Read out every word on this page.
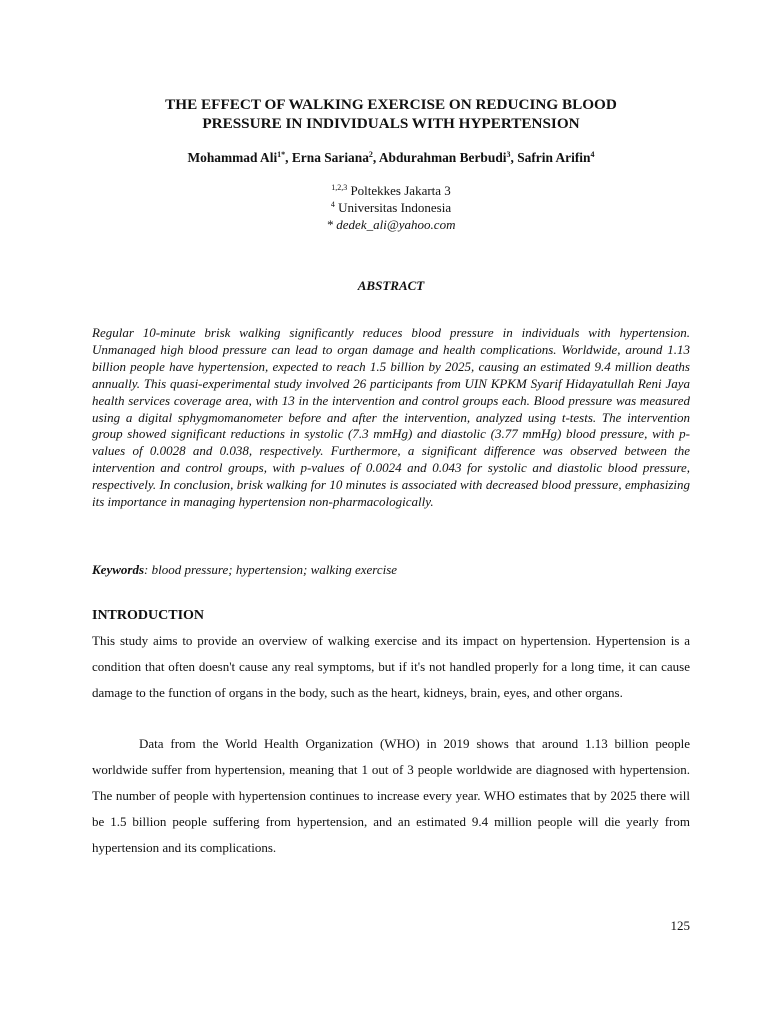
THE EFFECT OF WALKING EXERCISE ON REDUCING BLOOD
PRESSURE IN INDIVIDUALS WITH HYPERTENSION
Mohammad Ali$^{1*}$, Erna Sariana$^2$, Abdurahman Berbudi$^3$, Safrin Arifin$^4$
$^{1,2,3}$ Poltekkes Jakarta 3
$^4$ Universitas Indonesia
* dedek_ali@yahoo.com
ABSTRACT

Regular 10-minute brisk walking significantly reduces blood pressure in individuals with hypertension. Unmanaged high blood pressure can lead to organ damage and health complications. Worldwide, around 1.13 billion people have hypertension, expected to reach 1.5 billion by 2025, causing an estimated 9.4 million deaths annually. This quasi-experimental study involved 26 participants from UIN KPKM Syarif Hidayatullah Reni Jaya health services coverage area, with 13 in the intervention and control groups each. Blood pressure was measured using a digital sphygmomanometer before and after the intervention, analyzed using t-tests. The intervention group showed significant reductions in systolic (7.3 mmHg) and diastolic (3.77 mmHg) blood pressure, with p-values of 0.0028 and 0.038, respectively. Furthermore, a significant difference was observed between the intervention and control groups, with p-values of 0.0024 and 0.043 for systolic and diastolic blood pressure, respectively. In conclusion, brisk walking for 10 minutes is associated with decreased blood pressure, emphasizing its importance in managing hypertension non-pharmacologically.

Keywords: blood pressure; hypertension; walking exercise
INTRODUCTION

This study aims to provide an overview of walking exercise and its impact on hypertension. Hypertension is a condition that often doesn't cause any real symptoms, but if it's not handled properly for a long time, it can cause damage to the function of organs in the body, such as the heart, kidneys, brain, eyes, and other organs.

Data from the World Health Organization (WHO) in 2019 shows that around 1.13 billion people worldwide suffer from hypertension, meaning that 1 out of 3 people worldwide are diagnosed with hypertension. The number of people with hypertension continues to increase every year. WHO estimates that by 2025 there will be 1.5 billion people suffering from hypertension, and an estimated 9.4 million people will die yearly from hypertension and its complications.

125
